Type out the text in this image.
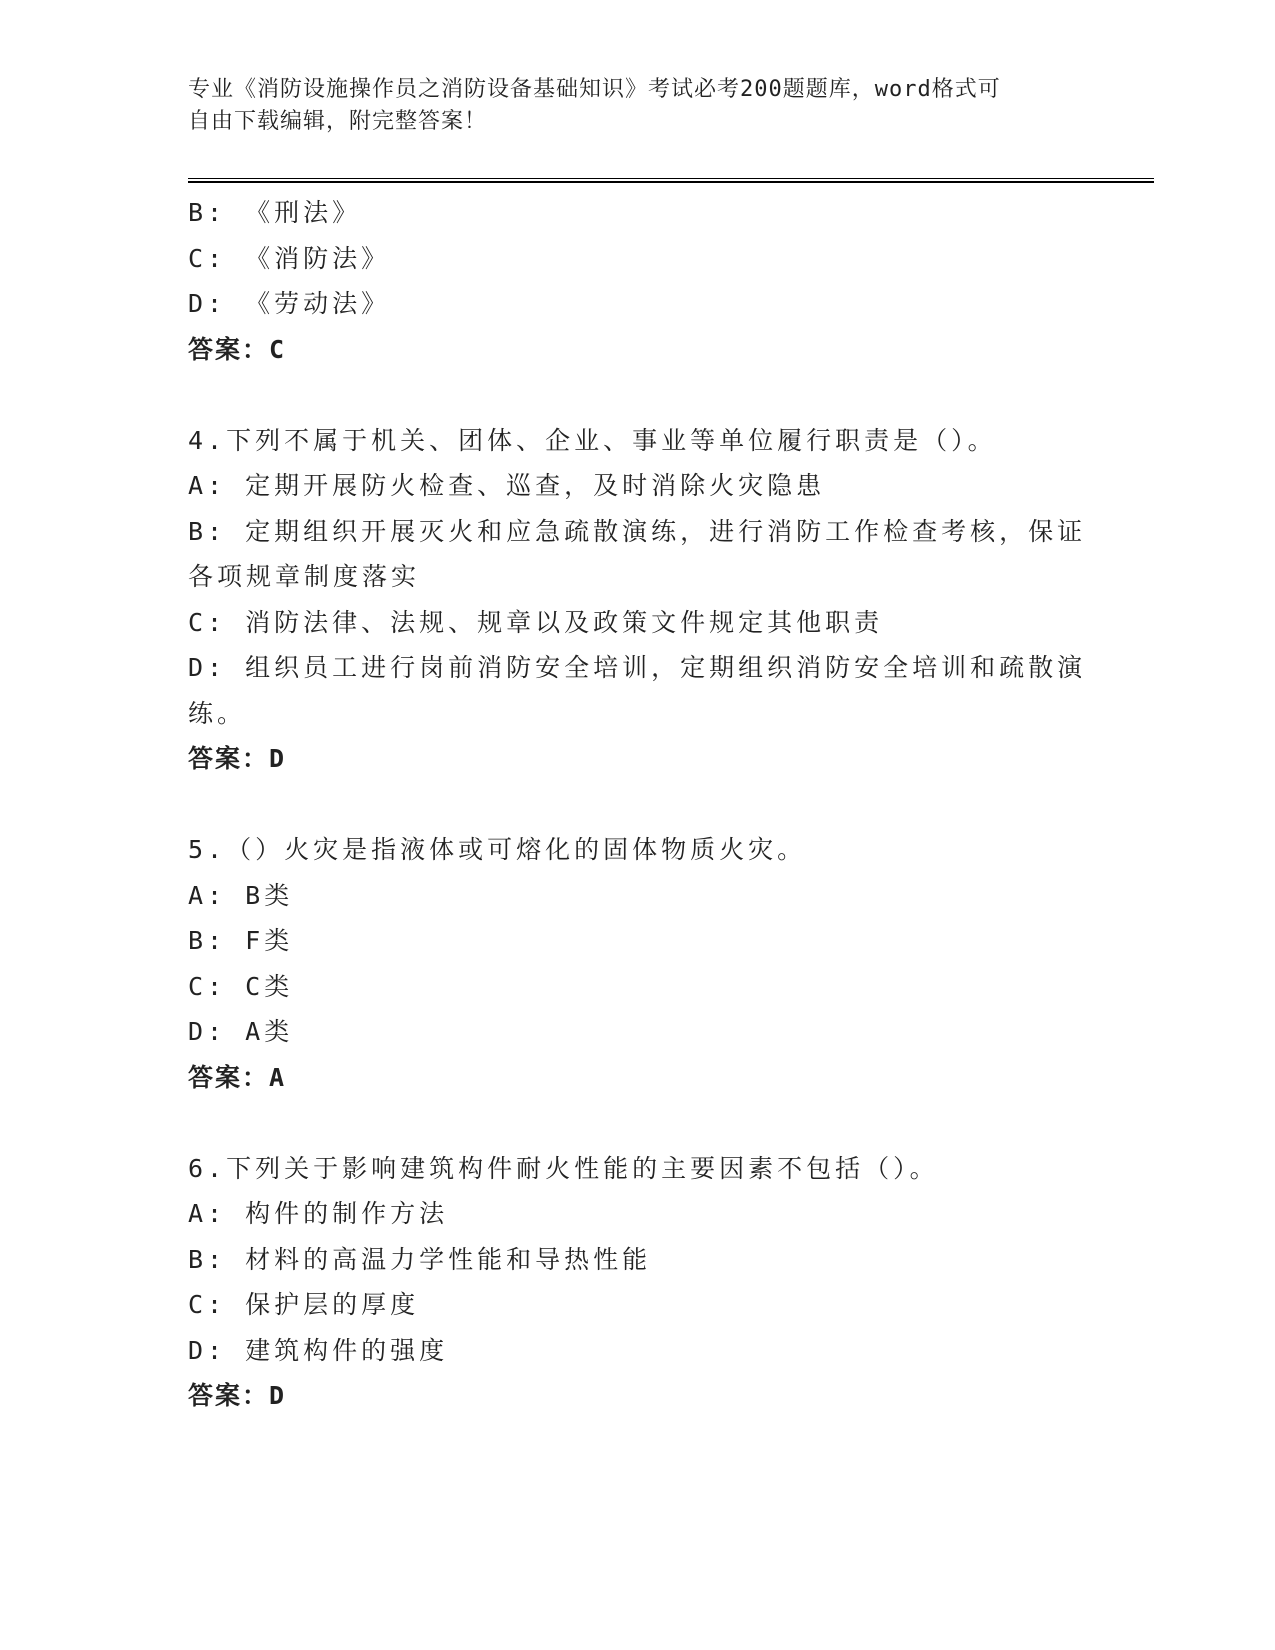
专业《消防设施操作员之消防设备基础知识》考试必考200题题库，word格式可
自由下载编辑，附完整答案！
B: 《刑法》
C: 《消防法》
D: 《劳动法》
答案：C
4.下列不属于机关、团体、企业、事业等单位履行职责是（）。
A: 定期开展防火检查、巡查，及时消除火灾隐患
B: 定期组织开展灭火和应急疏散演练，进行消防工作检查考核，保证
各项规章制度落实
C: 消防法律、法规、规章以及政策文件规定其他职责
D: 组织员工进行岗前消防安全培训，定期组织消防安全培训和疏散演
练。
答案：D
5.（）火灾是指液体或可熔化的固体物质火灾。
A: B类
B: F类
C: C类
D: A类
答案：A
6.下列关于影响建筑构件耐火性能的主要因素不包括（）。
A: 构件的制作方法
B: 材料的高温力学性能和导热性能
C: 保护层的厚度
D: 建筑构件的强度
答案：D
